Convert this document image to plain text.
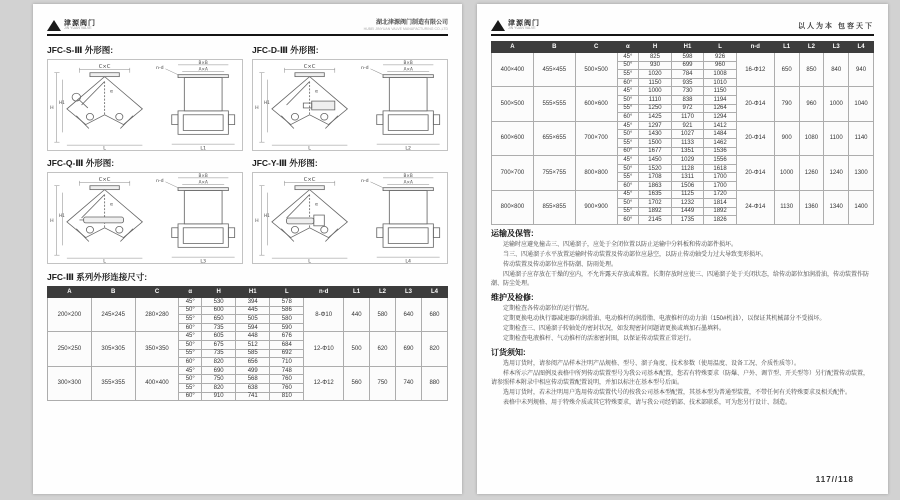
津源阀门
JIN YUAN VALVE
湖北津源阀门制造有限公司
HUBEI JINYUAN VALVE MANUFACTURING CO.,LTD
JFC-S-Ⅲ 外形图:
C×C
α
H
H1
L
n-d
B×B
A×A
L1
JFC-D-Ⅲ 外形图:
C×C
α
H
H1
L
n-d
B×B
A×A
L2
JFC-Q-Ⅲ 外形图:
C×C
α
H
H1
L
n-d
B×B
A×A
L3
JFC-Y-Ⅲ 外形图:
C×C
α
H
H1
L
n-d
B×B
A×A
L4
JFC-Ⅲ 系列外形连接尺寸:
A	B	C	α	H	H1	L	n-d	L1	L2	L3	L4
200×200	245×245	280×280	45°	530	394	578	8-Φ10	440	580	640	680
			50°	600	445	586					
			55°	650	505	580					
			60°	735	594	590					
250×250	305×305	350×350	45°	605	448	676	12-Φ10	500	620	690	820
			50°	675	512	684					
			55°	735	585	692					
			60°	820	656	710					
300×300	355×355	400×400	45°	690	499	748	12-Φ12	560	750	740	880
			50°	750	568	760					
			55°	820	638	760					
			60°	910	741	810					
津源阀门
JIN YUAN VALVE	以人为本 包容天下
A	B	C	α	H	H1	L	n-d	L1	L2	L3	L4
400×400	455×455	500×500	45°	825	598	926	16-Φ12	650	850	840	940
			50°	930	699	960					
			55°	1020	784	1008					
			60°	1150	935	1010					
500×500	555×555	600×600	45°	1000	730	1150	20-Φ14	790	960	1000	1040
			50°	1110	838	1194					
			55°	1250	972	1264					
			60°	1425	1170	1294					
600×600	655×655	700×700	45°	1297	921	1412	20-Φ14	900	1080	1100	1140
			50°	1430	1027	1484					
			55°	1500	1133	1462					
			60°	1677	1351	1536					
700×700	755×755	800×800	45°	1450	1029	1556	20-Φ14	1000	1260	1240	1300
			50°	1520	1128	1618					
			55°	1708	1311	1700					
			60°	1863	1506	1700					
800×800	855×855	900×900	45°	1635	1125	1720	24-Φ14	1130	1360	1340	1400
			50°	1702	1232	1814					
			55°	1892	1449	1892					
			60°	2145	1735	1826					
运输及保管:

运输时应避免撞击三、四通溜子，应处于全闭位置以防止运输中分料板和传动部件损坏。

当三、四通溜子水平放置运输时传动装置及传动部位应悬空，以防止传动轴受力过大导致变形损坏。

传动装置及传动部位应作防潮、防雨处理。

四通溜子应存放在干燥的室内，不允许露天存放或堆置。长期存放时应使三、四通溜子处于关闭状态，给传动部位加润滑油，传动装置作防潮、防尘处理。

维护及检修:

定期检查各传动部位的运行情况。

定期更换电动执行器减速器的润滑油、电动推杆的润滑脂、电液推杆的动力油（150#机油），以保证其机械部分不受损坏。

定期检查三、四通溜子转轴处的密封状况，如发现密封问题请更换或填加石墨填料。

定期检查电液推杆、气动推杆的活塞密封圈，以保证传动装置正常运行。

订货须知:

选用订货时，请参阅产品样本注明产品规格、型号、溜子角度、技术参数（使用温度、设备工况、介质性质等）。

样本所示产品图例及表格中所列传动装置型号为我公司基本配置，您若有特殊要求（防爆、户外、调节型、开关型等）另行配置传动装置，请参照样本附录中相应传动装置配置说明，并加以标注在基本型号后面。

选用订货时，若未注明用户选用传动装置代号的按我公司基本型配置，其基本型为普通型装置，不带任何有关特殊要求及相关配件。

表格中未列规格、用于特殊介质或其它特殊要求，请与我公司经销部、技术部联系，可为您另行设计、制造。

117//118
